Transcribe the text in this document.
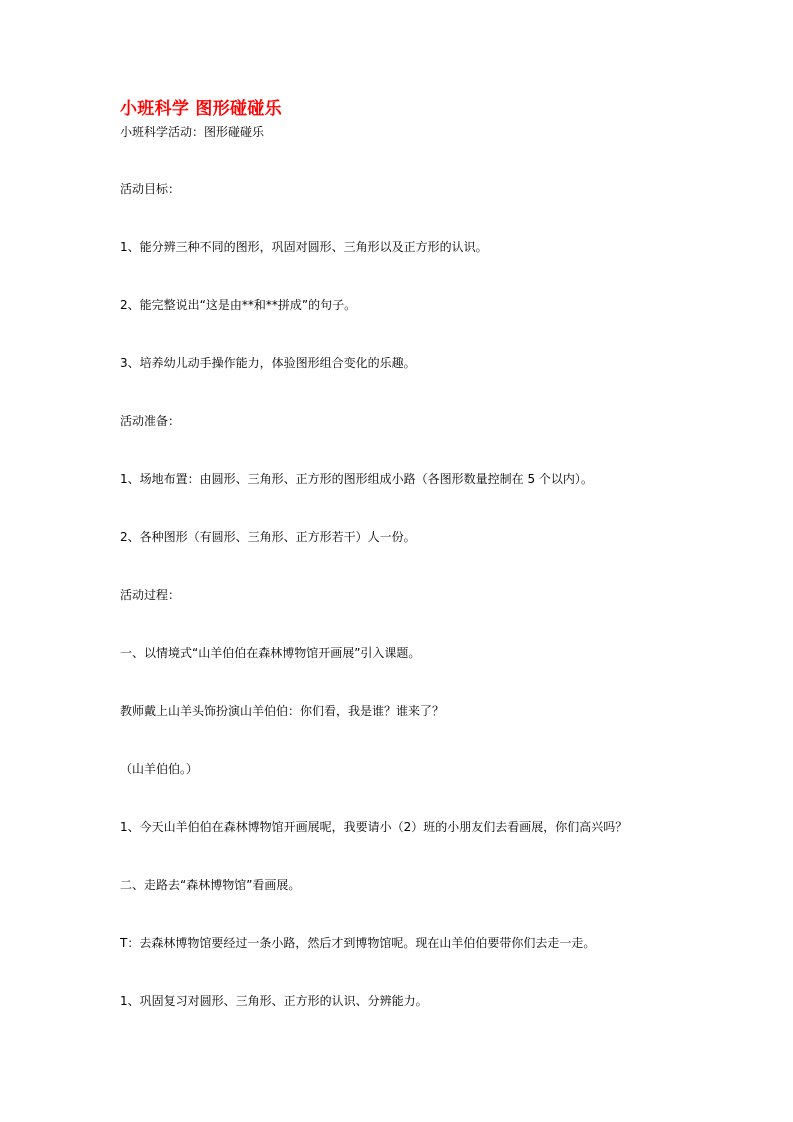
小班科学 图形碰碰乐
小班科学活动：图形碰碰乐
活动目标：
1、能分辨三种不同的图形，巩固对圆形、三角形以及正方形的认识。
2、能完整说出“这是由**和**拼成”的句子。
3、培养幼儿动手操作能力，体验图形组合变化的乐趣。
活动准备：
1、场地布置：由圆形、三角形、正方形的图形组成小路（各图形数量控制在 5 个以内）。
2、各种图形（有圆形、三角形、正方形若干）人一份。
活动过程：
一、以情境式“山羊伯伯在森林博物馆开画展”引入课题。
教师戴上山羊头饰扮演山羊伯伯：你们看，我是谁？谁来了？
（山羊伯伯。）
1、今天山羊伯伯在森林博物馆开画展呢，我要请小（2）班的小朋友们去看画展，你们高兴吗？
二、走路去“森林博物馆”看画展。
T：去森林博物馆要经过一条小路，然后才到博物馆呢。现在山羊伯伯要带你们去走一走。
1、巩固复习对圆形、三角形、正方形的认识、分辨能力。
